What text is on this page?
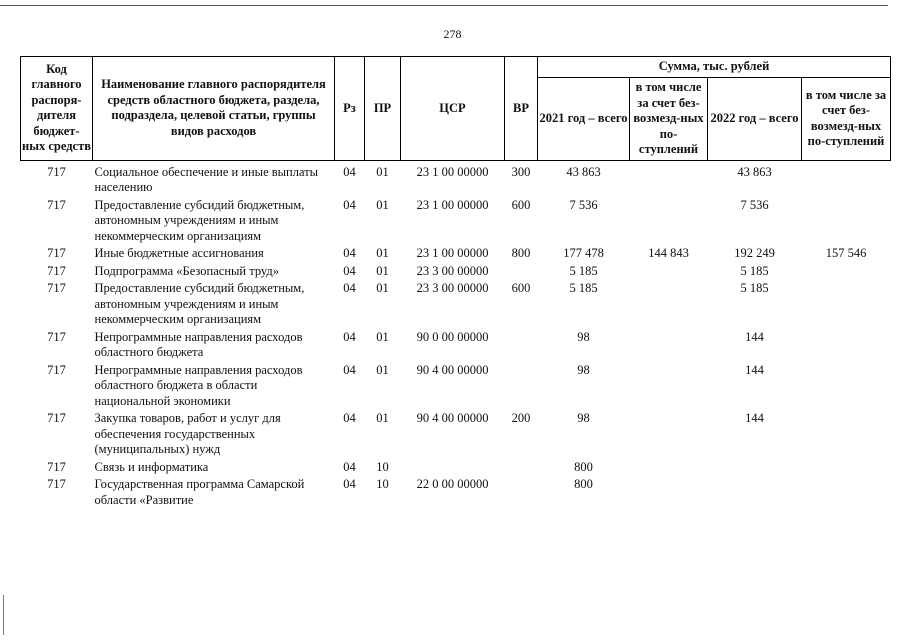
278
Код главного распоря-дителя бюджет-ных средств	Наименование главного распорядителя средств областного бюджета, раздела, подраздела, целевой статьи, группы видов расходов	Рз	ПР	ЦСР	ВР	Сумма, тыс. рублей			
						2021 год – всего	в том числе за счет без-возмезд-ных по-ступлений	2022 год – всего	в том числе за счет без-возмезд-ных по-ступлений
717	Социальное обеспечение и иные выплаты населению	04	01	23 1 00 00000	300	43 863		43 863	
717	Предоставление субсидий бюджетным, автономным учреждениям и иным некоммерческим организациям	04	01	23 1 00 00000	600	7 536		7 536	
717	Иные бюджетные ассигнования	04	01	23 1 00 00000	800	177 478	144 843	192 249	157 546
717	Подпрограмма «Безопасный труд»	04	01	23 3 00 00000		5 185		5 185	
717	Предоставление субсидий бюджетным, автономным учреждениям и иным некоммерческим организациям	04	01	23 3 00 00000	600	5 185		5 185	
717	Непрограммные направления расходов областного бюджета	04	01	90 0 00 00000		98		144	
717	Непрограммные направления расходов областного бюджета в области национальной экономики	04	01	90 4 00 00000		98		144	
717	Закупка товаров, работ и услуг для обеспечения государственных (муниципальных) нужд	04	01	90 4 00 00000	200	98		144	
717	Связь и информатика	04	10			800			
717	Государственная программа Самарской области «Развитие	04	10	22 0 00 00000		800			
